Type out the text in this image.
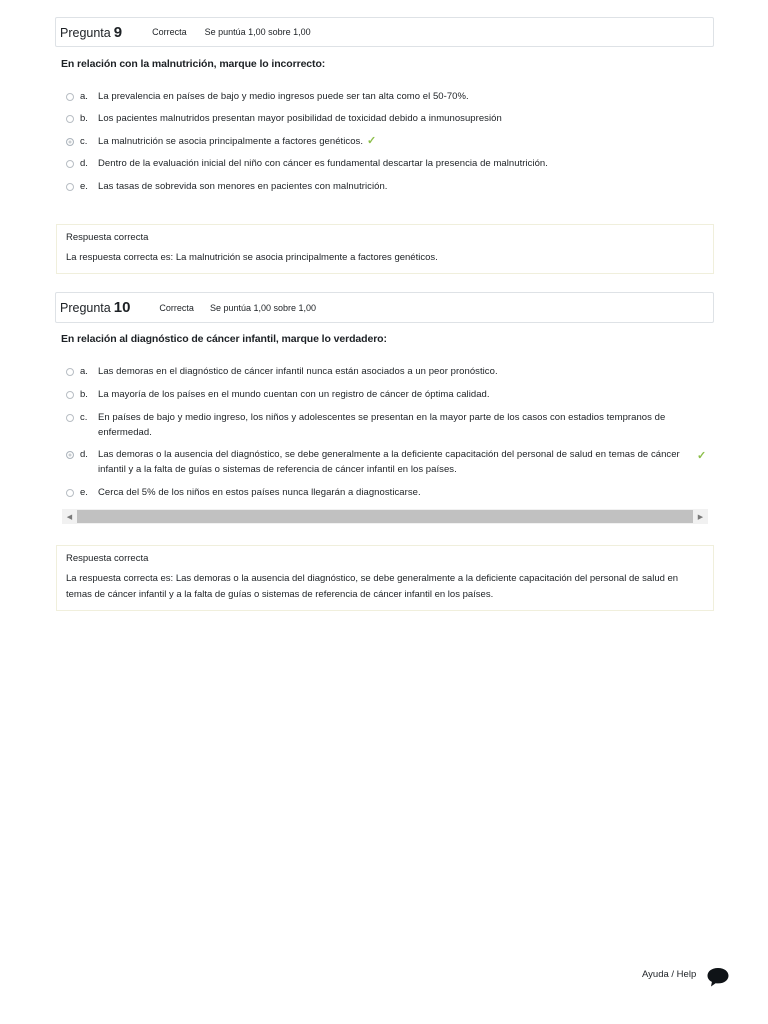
Pregunta 9	Correcta Se puntúa 1,00 sobre 1,00
En relación con la malnutrición, marque lo incorrecto:
a.	La prevalencia en países de bajo y medio ingresos puede ser tan alta como el 50-70%.
b.	Los pacientes malnutridos presentan mayor posibilidad de toxicidad debido a inmunosupresión
c.	La malnutrición se asocia principalmente a factores genéticos. ✓
d.	Dentro de la evaluación inicial del niño con cáncer es fundamental descartar la presencia de malnutrición.
e.	Las tasas de sobrevida son menores en pacientes con malnutrición.
Respuesta correcta
La respuesta correcta es: La malnutrición se asocia principalmente a factores genéticos.
Pregunta 10	Correcta Se puntúa 1,00 sobre 1,00
En relación al diagnóstico de cáncer infantil, marque lo verdadero:
a.	Las demoras en el diagnóstico de cáncer infantil nunca están asociados a un peor pronóstico.
b.	La mayoría de los países en el mundo cuentan con un registro de cáncer de óptima calidad.
c.	En países de bajo y medio ingreso, los niños y adolescentes se presentan en la mayor parte de los casos con estadios tempranos de enfermedad.
d.	Las demoras o la ausencia del diagnóstico, se debe generalmente a la deficiente capacitación del personal de salud en temas de cáncer infantil y a la falta de guías o sistemas de referencia de cáncer infantil en los países.
✓
e.	Cerca del 5% de los niños en estos países nunca llegarán a diagnosticarse.
◀	▶
Respuesta correcta
La respuesta correcta es: Las demoras o la ausencia del diagnóstico, se debe generalmente a la deficiente capacitación del personal de salud en temas de cáncer infantil y a la falta de guías o sistemas de referencia de cáncer infantil en los países.
Ayuda / Help
